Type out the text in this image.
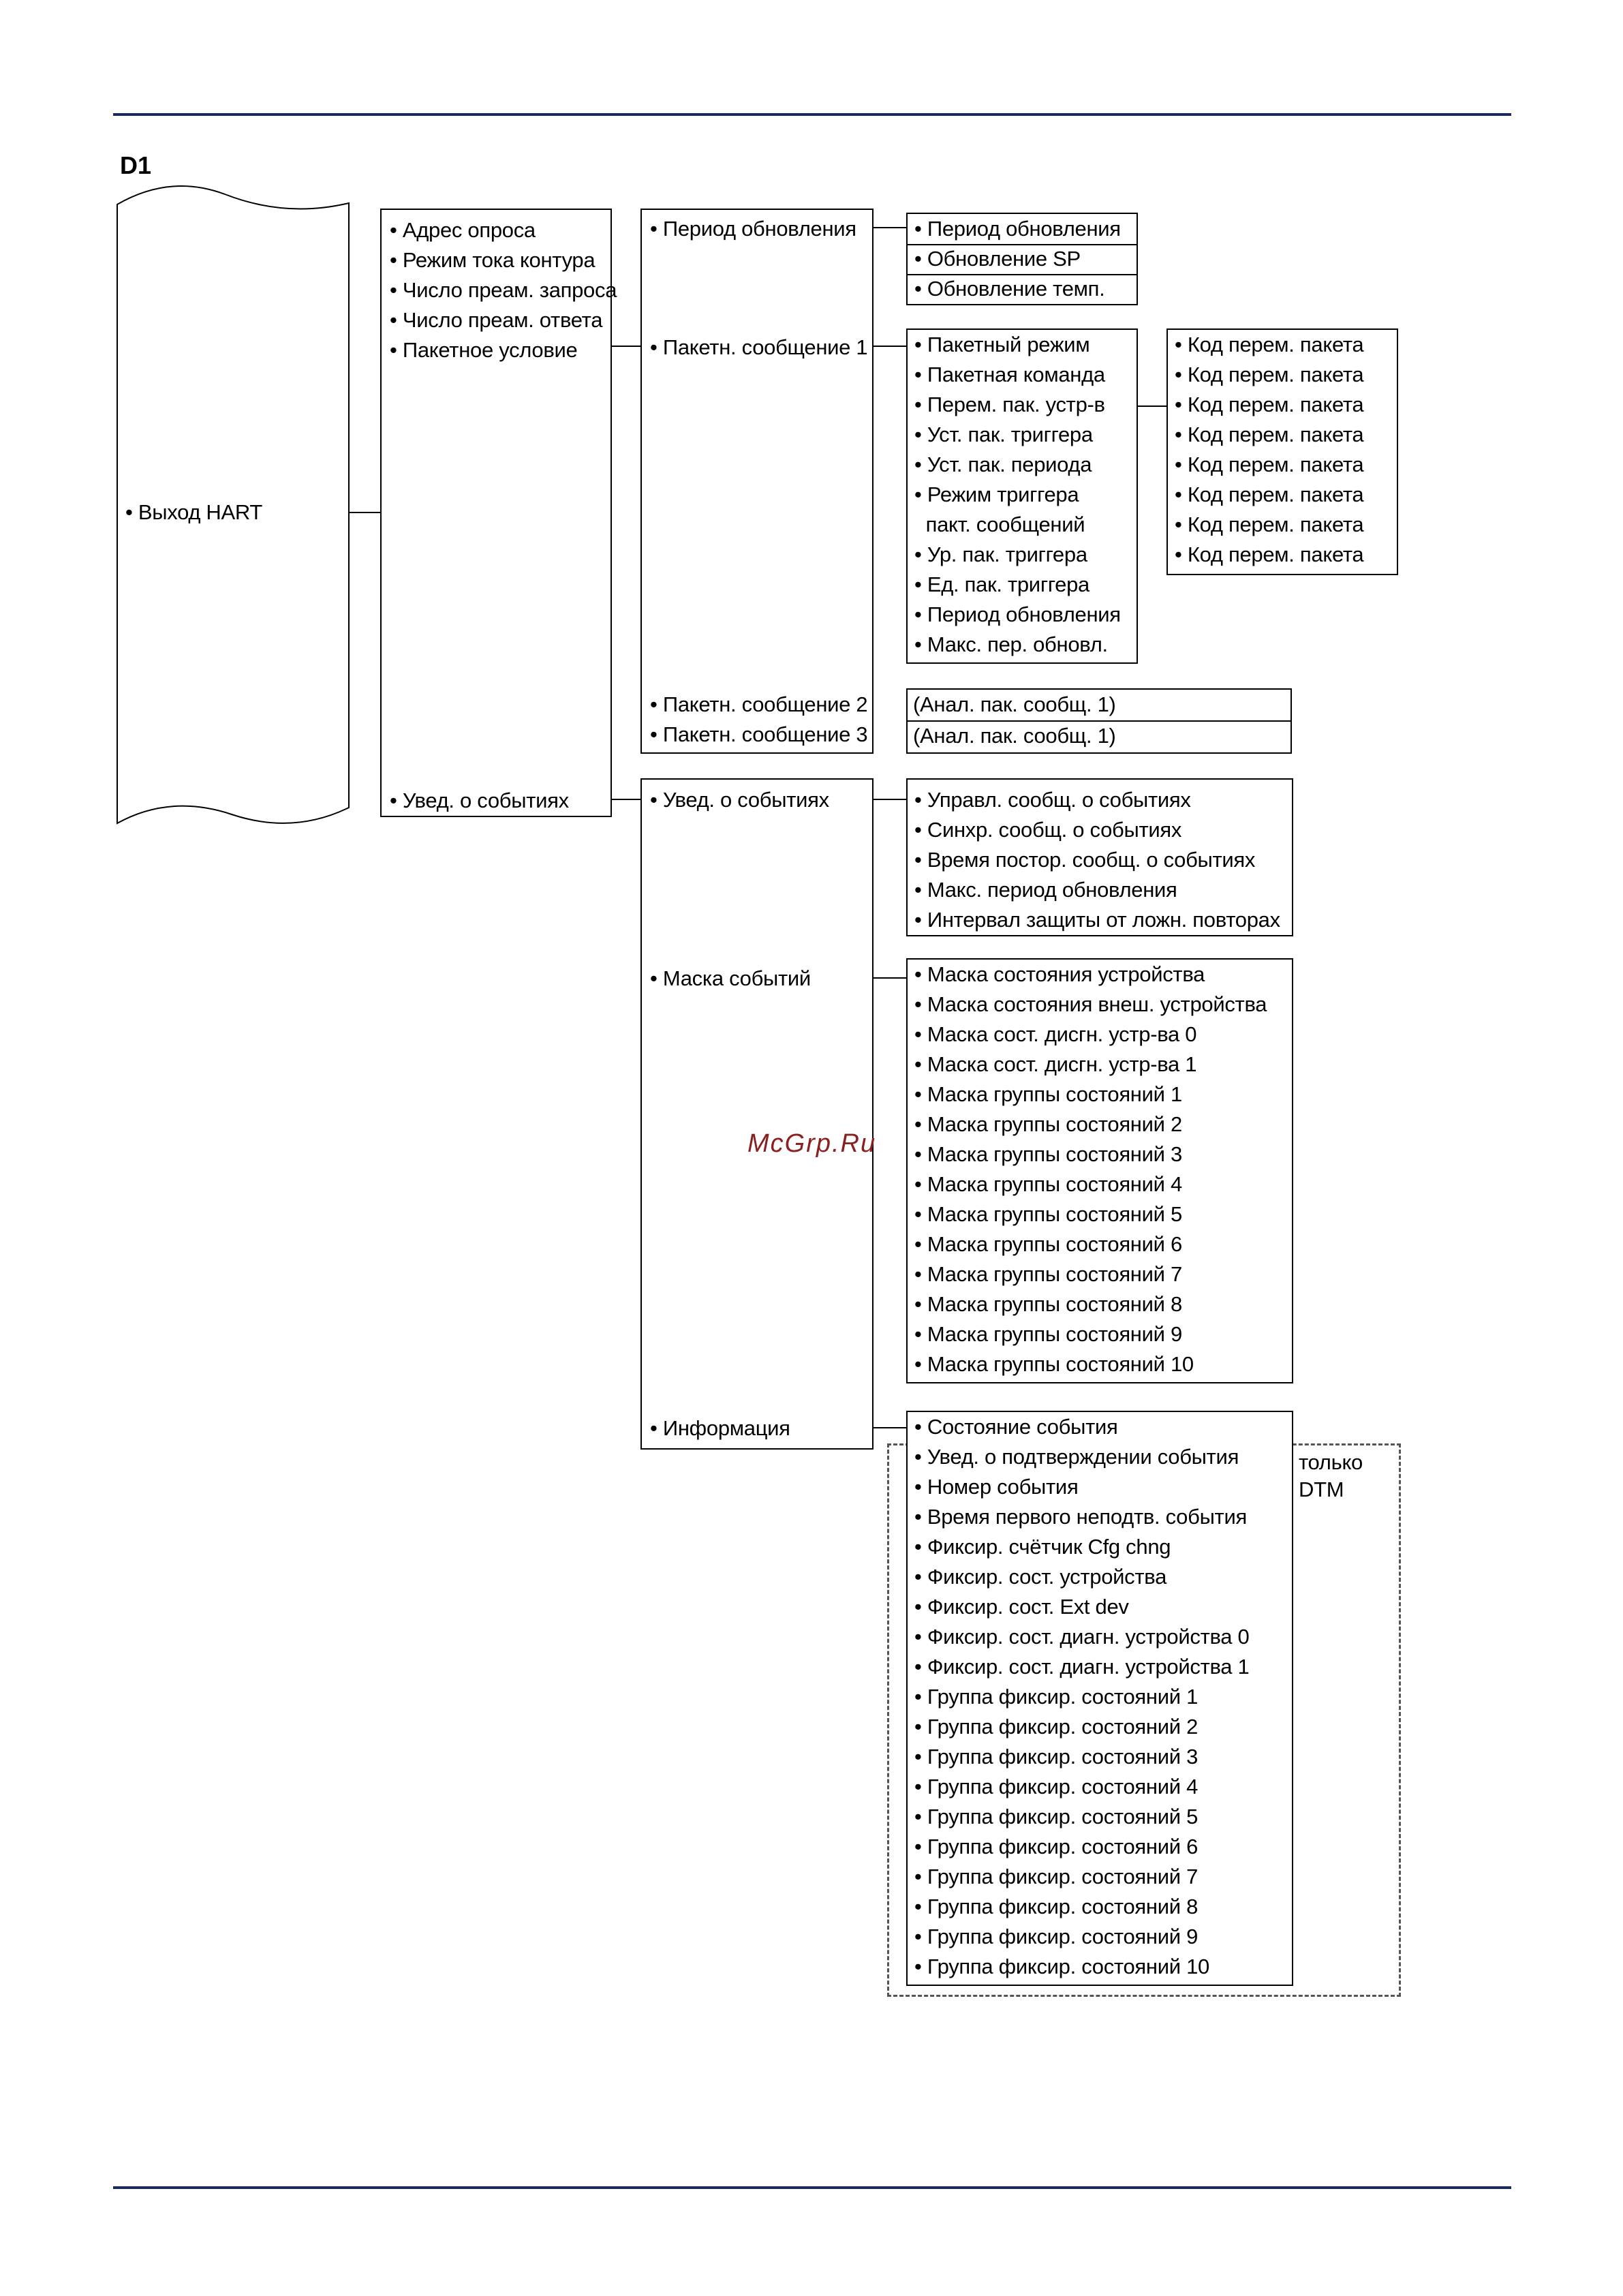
D1
• Выход HART
• Адрес опроса
• Режим тока контура
• Число преам. запроса
• Число преам. ответа
• Пакетное условие
• Увед. о событиях
• Период обновления
• Пакетн. сообщение 1
• Пакетн. сообщение 2
• Пакетн. сообщение 3
• Период обновления
• Обновление SP
• Обновление темп.
• Пакетный режим
• Пакетная команда
• Перем. пак. устр-в
• Уст. пак. триггера
• Уст. пак. периода
• Режим триггера
пакт. сообщений
• Ур. пак. триггера
• Ед. пак. триггера
• Период обновления
• Макс. пер. обновл.
• Код перем. пакета
• Код перем. пакета
• Код перем. пакета
• Код перем. пакета
• Код перем. пакета
• Код перем. пакета
• Код перем. пакета
• Код перем. пакета
(Анал. пак. сообщ. 1)
(Анал. пак. сообщ. 1)
• Увед. о событиях
• Маска событий
• Информация
• Управл. сообщ. о событиях
• Синхр. сообщ. о событиях
• Время постор. сообщ. о событиях
• Макс. период обновления
• Интервал защиты от ложн. повторах
• Маска состояния устройства
• Маска состояния внеш. устройства
• Маска сост. дисгн. устр-ва 0
• Маска сост. дисгн. устр-ва 1
• Маска группы состояний 1
• Маска группы состояний 2
• Маска группы состояний 3
• Маска группы состояний 4
• Маска группы состояний 5
• Маска группы состояний 6
• Маска группы состояний 7
• Маска группы состояний 8
• Маска группы состояний 9
• Маска группы состояний 10
только
DTM
• Состояние события
• Увед. о подтверждении события
• Номер события
• Время первого неподтв. события
• Фиксир. счётчик Cfg chng
• Фиксир. сост. устройства
• Фиксир. сост. Ext dev
• Фиксир. сост. диагн. устройства 0
• Фиксир. сост. диагн. устройства 1
• Группа фиксир. состояний 1
• Группа фиксир. состояний 2
• Группа фиксир. состояний 3
• Группа фиксир. состояний 4
• Группа фиксир. состояний 5
• Группа фиксир. состояний 6
• Группа фиксир. состояний 7
• Группа фиксир. состояний 8
• Группа фиксир. состояний 9
• Группа фиксир. состояний 10
McGrp.Ru
